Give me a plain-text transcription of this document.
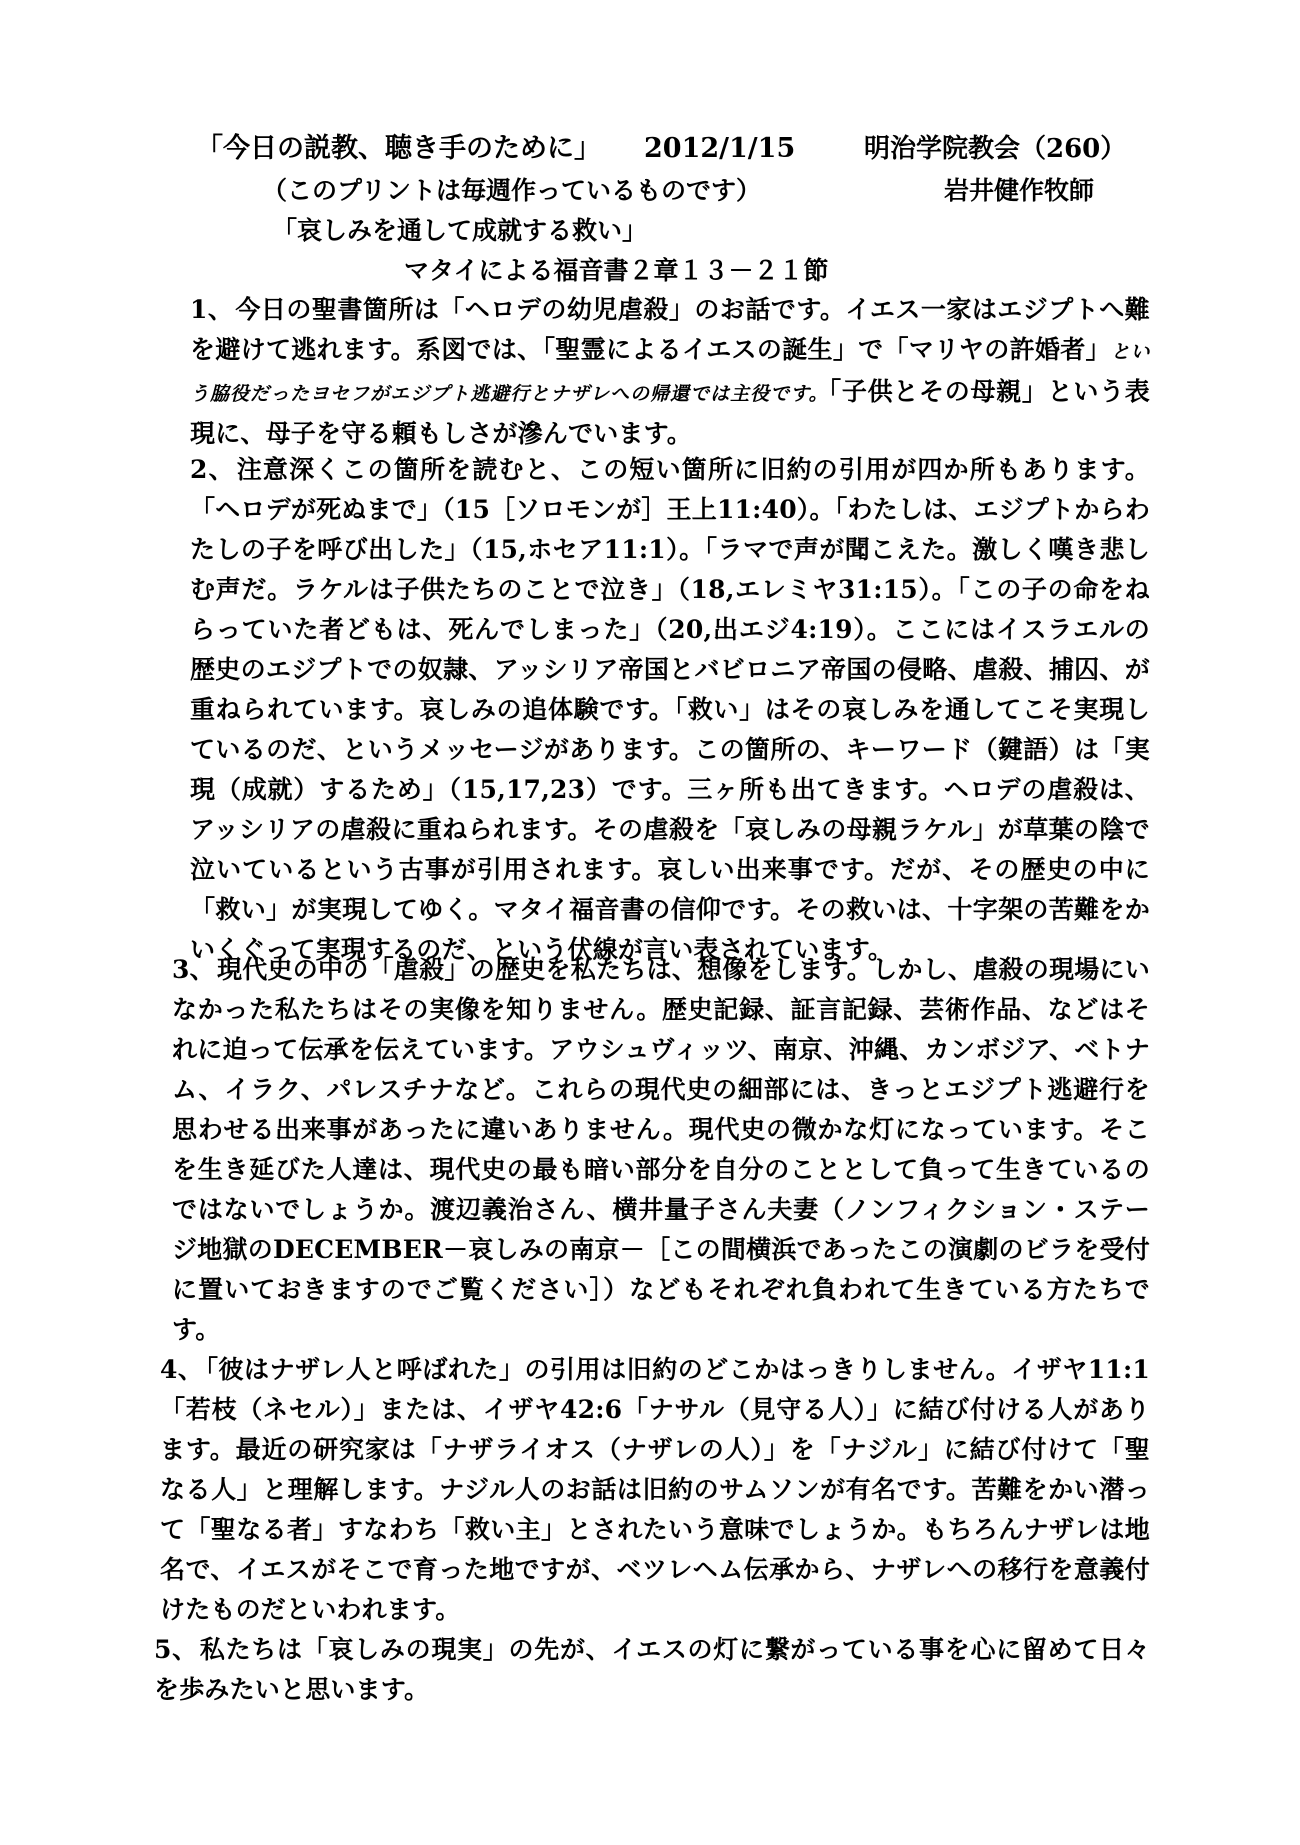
「今日の説教、聴き手のために」 2012/1/15	明治学院教会（260）
（このプリントは毎週作っているものです）	岩井健作牧師
「哀しみを通して成就する救い」
マタイによる福音書２章１３－２１節
1、今日の聖書箇所は「ヘロデの幼児虐殺」のお話です。イエス一家はエジプトへ難を避けて逃れます。系図では、「聖霊によるイエスの誕生」で「マリヤの許婚者」という脇役だったヨセフがエジプト逃避行とナザレへの帰還では主役です。「子供とその母親」という表現に、母子を守る頼もしさが滲んでいます。
2、注意深くこの箇所を読むと、この短い箇所に旧約の引用が四か所もあります。「ヘロデが死ぬまで」（15［ソロモンが］王上11:40）。「わたしは、エジプトからわたしの子を呼び出した」（15,ホセア11:1）。「ラマで声が聞こえた。激しく嘆き悲しむ声だ。ラケルは子供たちのことで泣き」（18,エレミヤ31:15）。「この子の命をねらっていた者どもは、死んでしまった」（20,出エジ4:19）。ここにはイスラエルの歴史のエジプトでの奴隷、アッシリア帝国とバビロニア帝国の侵略、虐殺、捕囚、が重ねられています。哀しみの追体験です。「救い」はその哀しみを通してこそ実現しているのだ、というメッセージがあります。この箇所の、キーワード（鍵語）は「実現（成就）するため」（15,17,23）です。三ヶ所も出てきます。ヘロデの虐殺は、アッシリアの虐殺に重ねられます。その虐殺を「哀しみの母親ラケル」が草葉の陰で泣いているという古事が引用されます。哀しい出来事です。だが、その歴史の中に「救い」が実現してゆく。マタイ福音書の信仰です。その救いは、十字架の苦難をかいくぐって実現するのだ、という伏線が言い表されています。
3、現代史の中の「虐殺」の歴史を私たちは、想像をします。しかし、虐殺の現場にいなかった私たちはその実像を知りません。歴史記録、証言記録、芸術作品、などはそれに迫って伝承を伝えています。アウシュヴィッツ、南京、沖縄、カンボジア、ベトナム、イラク、パレスチナなど。これらの現代史の細部には、きっとエジプト逃避行を思わせる出来事があったに違いありません。現代史の微かな灯になっています。そこを生き延びた人達は、現代史の最も暗い部分を自分のこととして負って生きているのではないでしょうか。渡辺義治さん、横井量子さん夫妻（ノンフィクション・ステージ地獄のDECEMBER－哀しみの南京－［この間横浜であったこの演劇のビラを受付に置いておきますのでご覧ください］）などもそれぞれ負われて生きている方たちです。
4、「彼はナザレ人と呼ばれた」の引用は旧約のどこかはっきりしません。イザヤ11:1「若枝（ネセル）」または、イザヤ42:6「ナサル（見守る人）」に結び付ける人があります。最近の研究家は「ナザライオス（ナザレの人）」を「ナジル」に結び付けて「聖なる人」と理解します。ナジル人のお話は旧約のサムソンが有名です。苦難をかい潜って「聖なる者」すなわち「救い主」とされたいう意味でしょうか。もちろんナザレは地名で、イエスがそこで育った地ですが、ベツレヘム伝承から、ナザレへの移行を意義付けたものだといわれます。
5、私たちは「哀しみの現実」の先が、イエスの灯に繋がっている事を心に留めて日々を歩みたいと思います。
